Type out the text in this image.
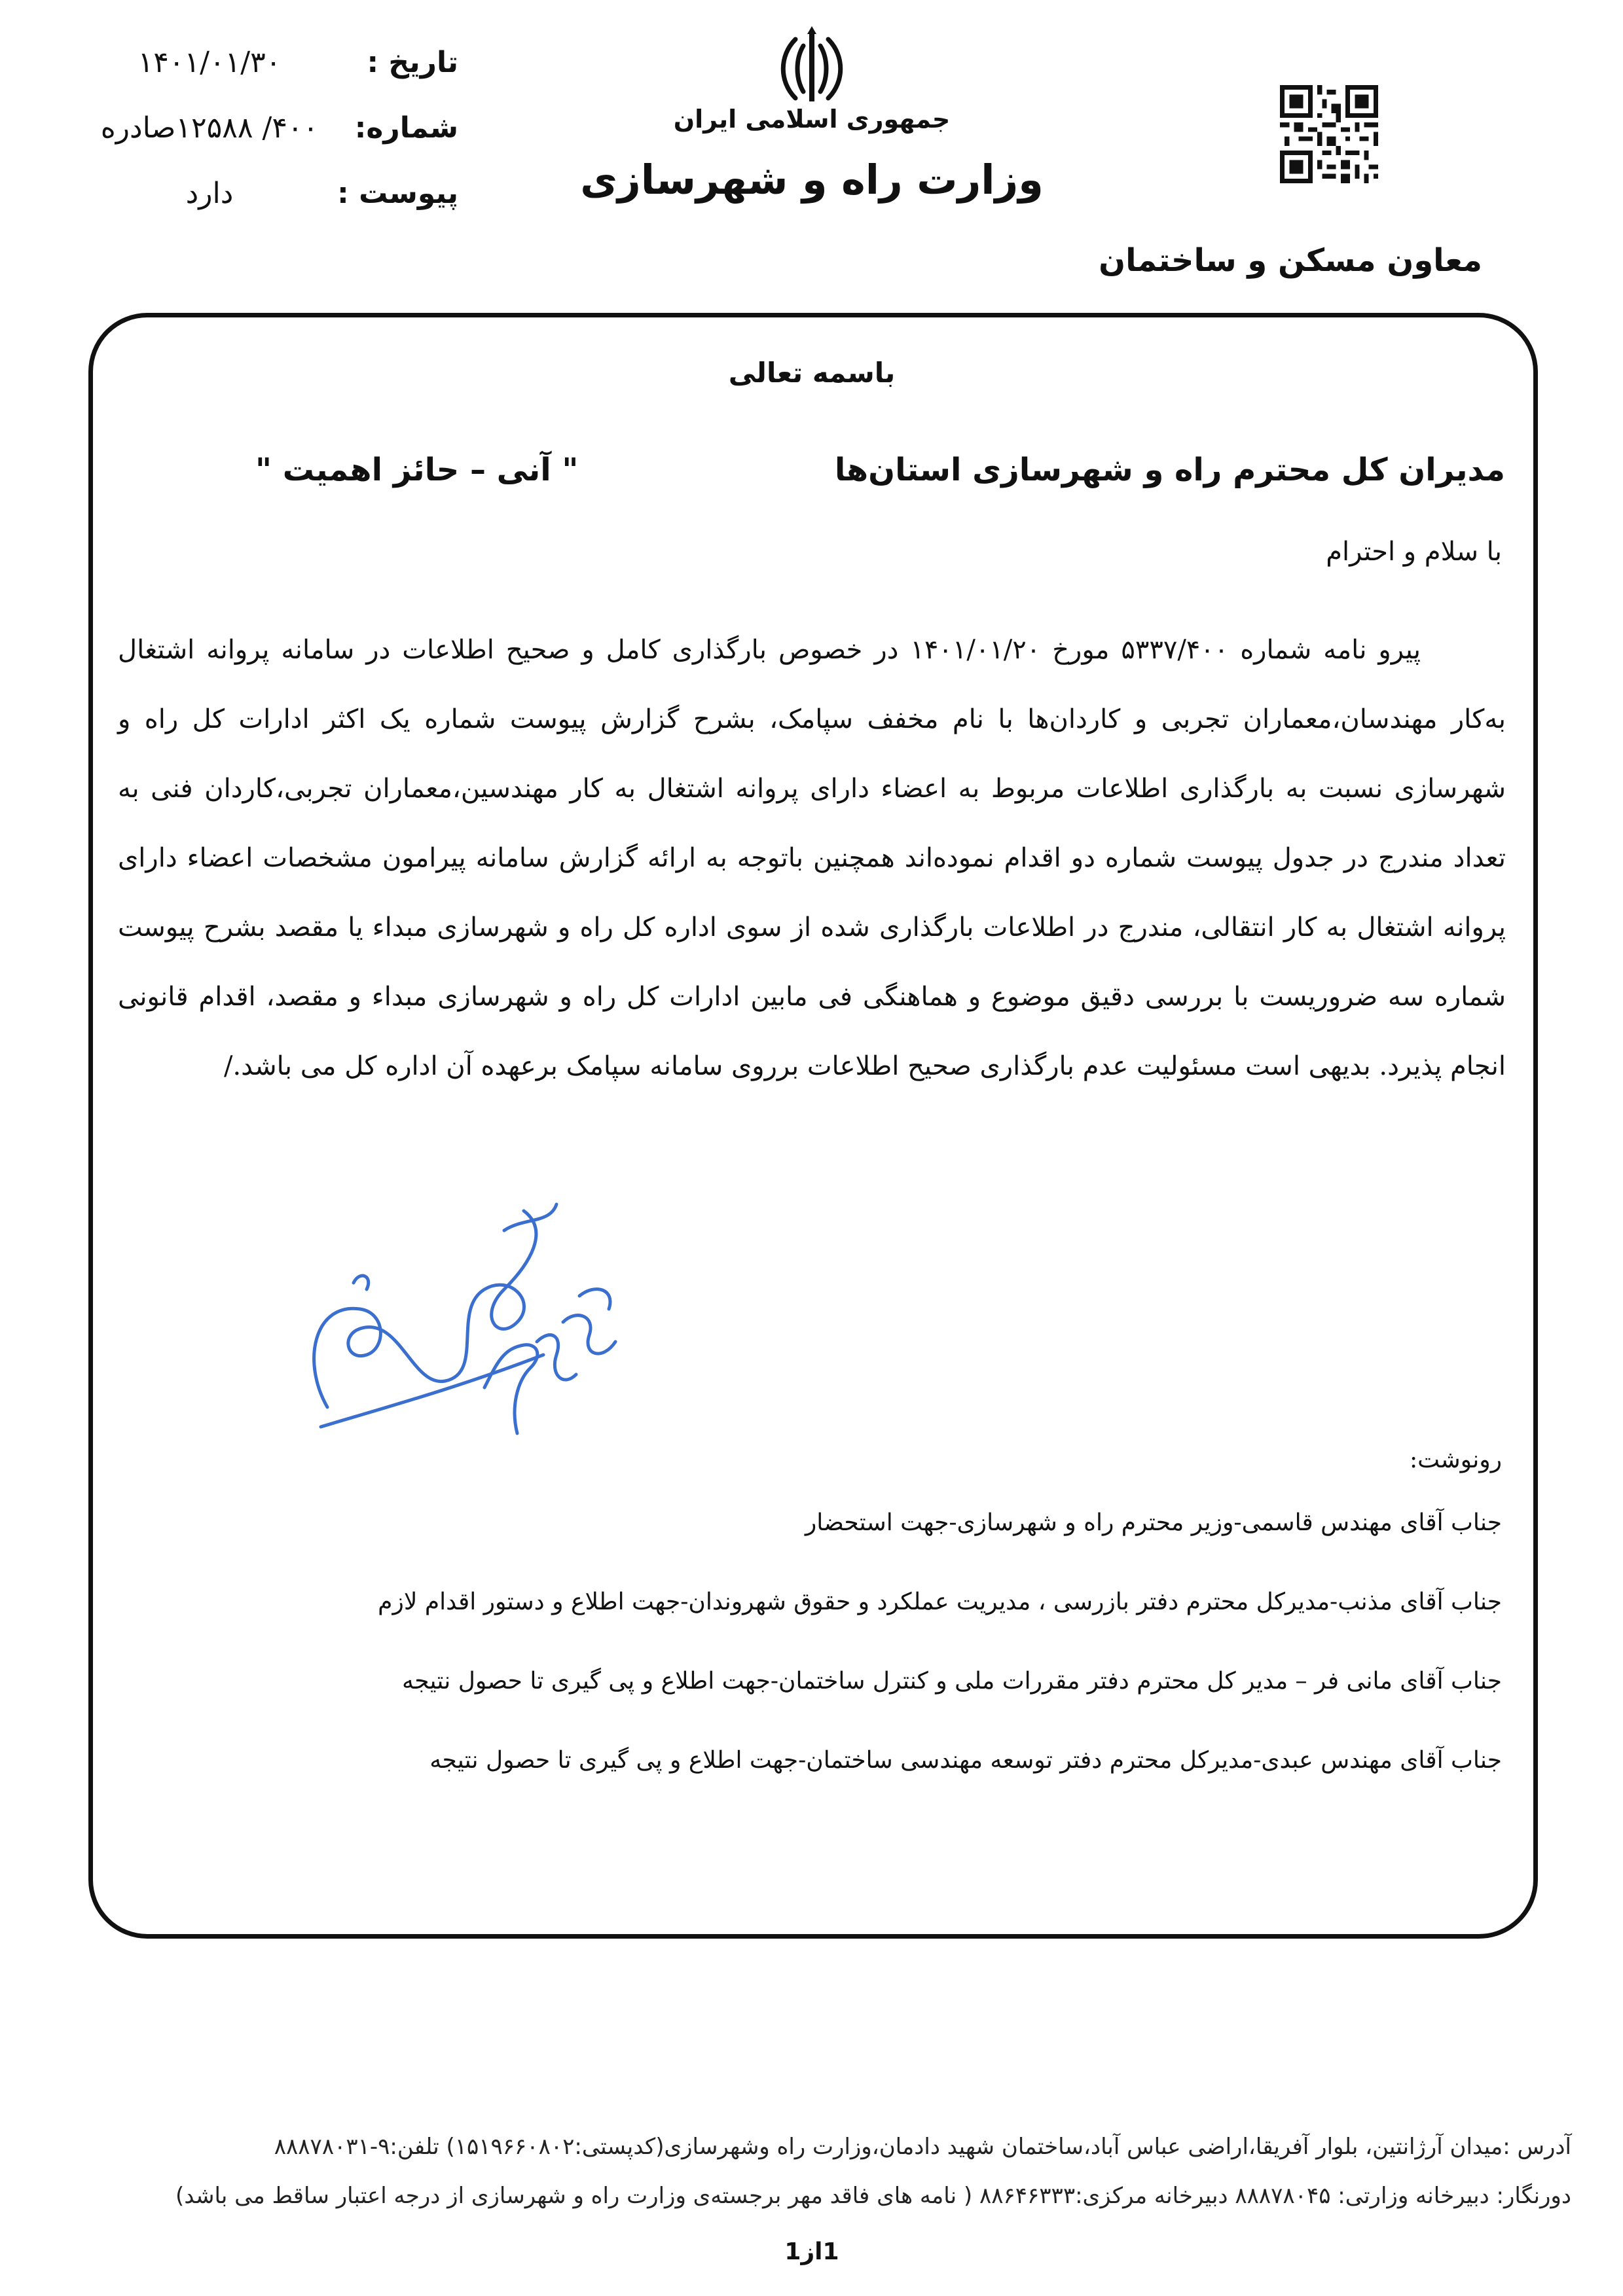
تاریخ :
۱۴۰۱/۰۱/۳۰
شماره:
۴۰۰/ ۱۲۵۸۸صادره
پیوست :
دارد
جمهوری اسلامی ایران
وزارت راه و شهرسازی
معاون مسکن و ساختمان
باسمه تعالی
مدیران کل محترم راه و شهرسازی استان‌ها
" آنی – حائز اهمیت "
با سلام و احترام

پیرو نامه شماره ۵۳۳۷/۴۰۰ مورخ ۱۴۰۱/۰۱/۲۰ در خصوص بارگذاری کامل و صحیح اطلاعات در سامانه پروانه اشتغال به‌کار مهندسان،معماران تجربی و کاردان‌ها با نام مخفف سپامک، بشرح گزارش پیوست شماره یک اکثر ادارات کل راه و شهرسازی نسبت به بارگذاری اطلاعات مربوط به اعضاء دارای پروانه اشتغال به کار مهندسین،معماران تجربی،کاردان فنی به تعداد مندرج در جدول پیوست شماره دو اقدام نموده‌اند همچنین باتوجه به ارائه گزارش سامانه پیرامون مشخصات اعضاء دارای پروانه اشتغال به کار انتقالی، مندرج در اطلاعات بارگذاری شده از سوی اداره کل راه و شهرسازی مبداء یا مقصد بشرح پیوست شماره سه ضروریست با بررسی دقیق موضوع و هماهنگی فی مابین ادارات کل راه و شهرسازی مبداء و مقصد، اقدام قانونی انجام پذیرد. بدیهی است مسئولیت عدم بارگذاری صحیح اطلاعات برروی سامانه سپامک برعهده آن اداره کل می باشد./

رونوشت:
جناب آقای مهندس قاسمی-وزیر محترم راه و شهرسازی-جهت استحضار
جناب آقای مذنب-مدیرکل محترم دفتر بازرسی ، مدیریت عملکرد و حقوق شهروندان-جهت اطلاع و دستور اقدام لازم
جناب آقای مانی فر – مدیر کل محترم دفتر مقررات ملی و کنترل ساختمان-جهت اطلاع و پی گیری تا حصول نتیجه
جناب آقای مهندس عبدی-مدیرکل محترم دفتر توسعه مهندسی ساختمان-جهت اطلاع و پی گیری تا حصول نتیجه
آدرس :میدان آرژانتین، بلوار آفریقا،اراضی عباس آباد،ساختمان شهید دادمان،وزارت راه وشهرسازی(کدپستی:۱۵۱۹۶۶۰۸۰۲) تلفن:۹-۸۸۸۷۸۰۳۱
دورنگار: دبیرخانه وزارتی: ۸۸۸۷۸۰۴۵ دبیرخانه مرکزی:۸۸۶۴۶۳۳۳ ( نامه های فاقد مهر برجسته‌ی وزارت راه و شهرسازی از درجه اعتبار ساقط می باشد)
1از1
